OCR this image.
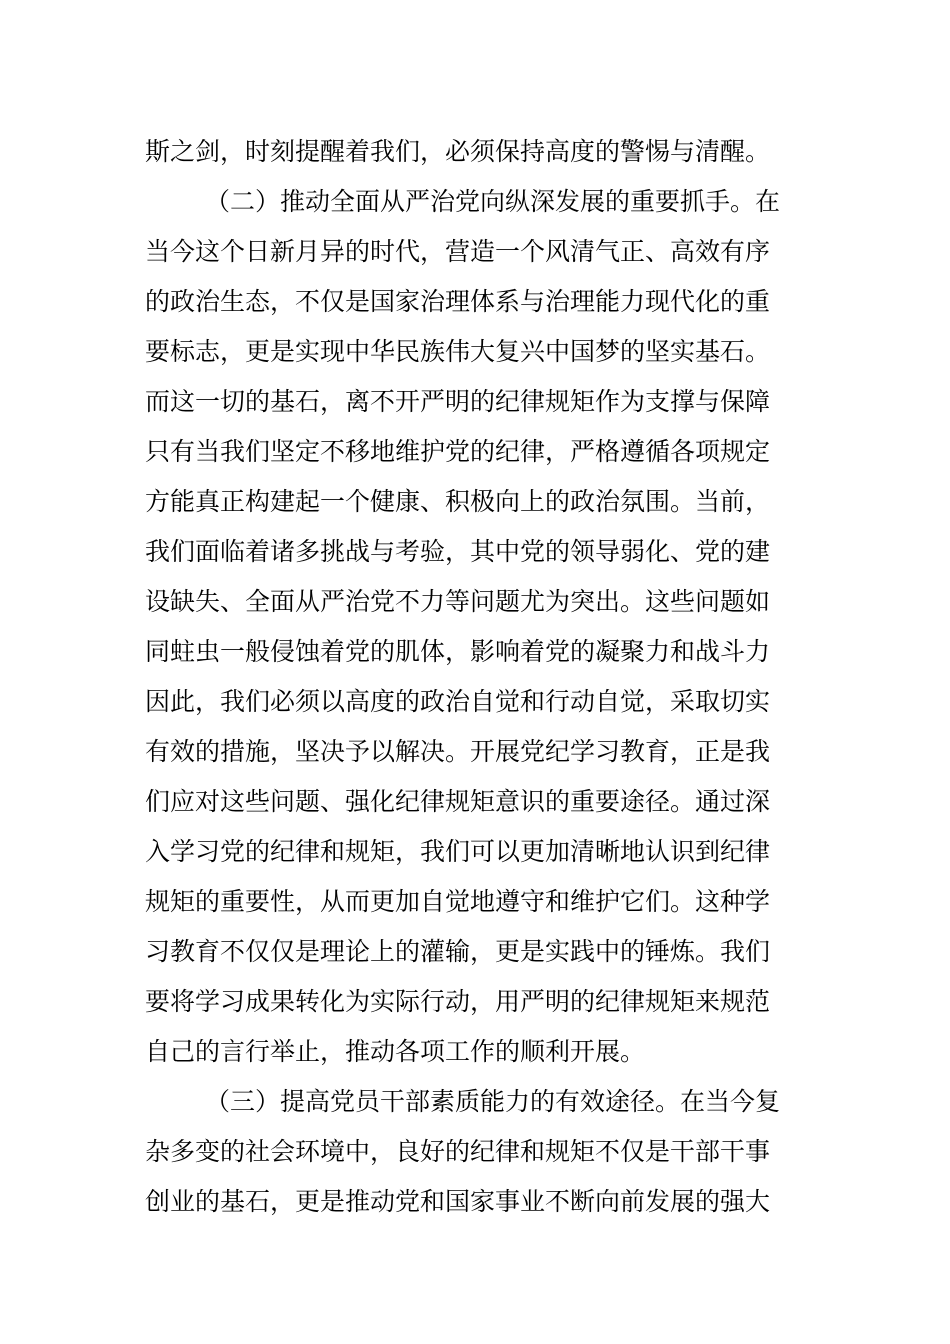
斯之剑，时刻提醒着我们，必须保持高度的警惕与清醒。
（二）推动全面从严治党向纵深发展的重要抓手。在
当今这个日新月异的时代，营造一个风清气正、高效有序
的政治生态，不仅是国家治理体系与治理能力现代化的重
要标志，更是实现中华民族伟大复兴中国梦的坚实基石。
而这一切的基石，离不开严明的纪律规矩作为支撑与保障
只有当我们坚定不移地维护党的纪律，严格遵循各项规定
方能真正构建起一个健康、积极向上的政治氛围。当前，
我们面临着诸多挑战与考验，其中党的领导弱化、党的建
设缺失、全面从严治党不力等问题尤为突出。这些问题如
同蛀虫一般侵蚀着党的肌体，影响着党的凝聚力和战斗力
因此，我们必须以高度的政治自觉和行动自觉，采取切实
有效的措施，坚决予以解决。开展党纪学习教育，正是我
们应对这些问题、强化纪律规矩意识的重要途径。通过深
入学习党的纪律和规矩，我们可以更加清晰地认识到纪律
规矩的重要性，从而更加自觉地遵守和维护它们。这种学
习教育不仅仅是理论上的灌输，更是实践中的锤炼。我们
要将学习成果转化为实际行动，用严明的纪律规矩来规范
自己的言行举止，推动各项工作的顺利开展。
（三）提高党员干部素质能力的有效途径。在当今复
杂多变的社会环境中，良好的纪律和规矩不仅是干部干事
创业的基石，更是推动党和国家事业不断向前发展的强大
